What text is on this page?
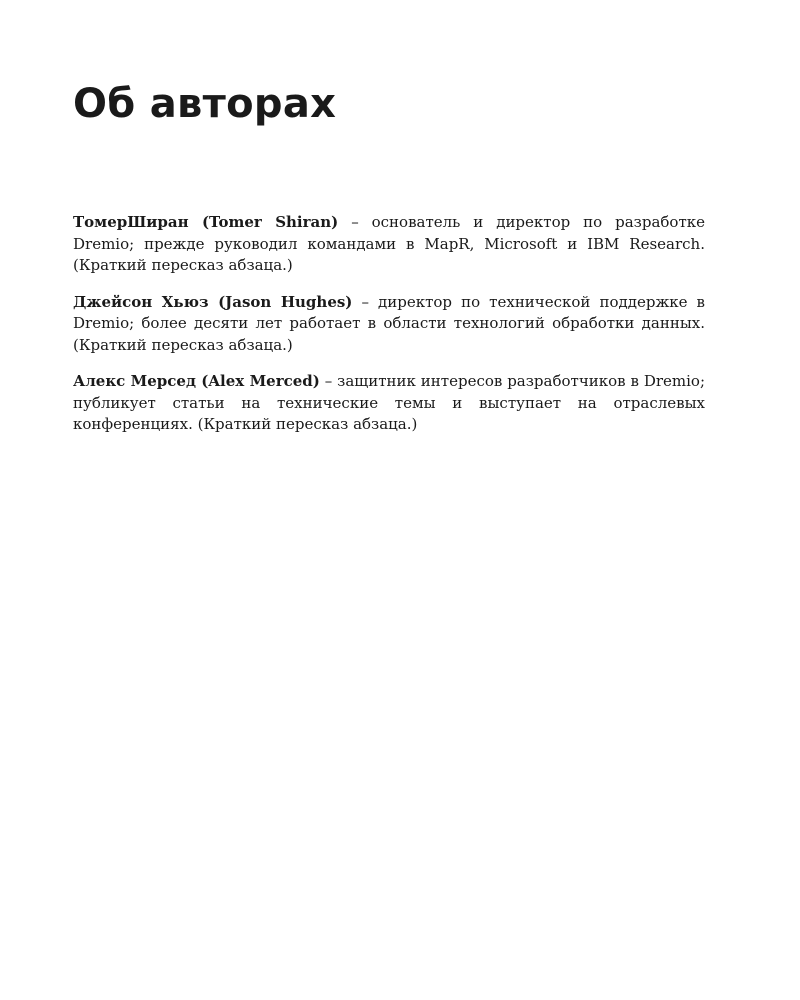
Об авторах

ТомерШиран (Tomer Shiran) – основатель и директор по разработке Dremio; прежде руководил командами в MapR, Microsoft и IBM Research. (Краткий пересказ абзаца.)

Джейсон Хьюз (Jason Hughes) – директор по технической поддержке в Dremio; более десяти лет работает в области технологий обработки данных. (Краткий пересказ абзаца.)

Алекс Мерсед (Alex Merced) – защитник интересов разработчиков в Dremio; публикует статьи на технические темы и выступает на отраслевых конференциях. (Краткий пересказ абзаца.)
